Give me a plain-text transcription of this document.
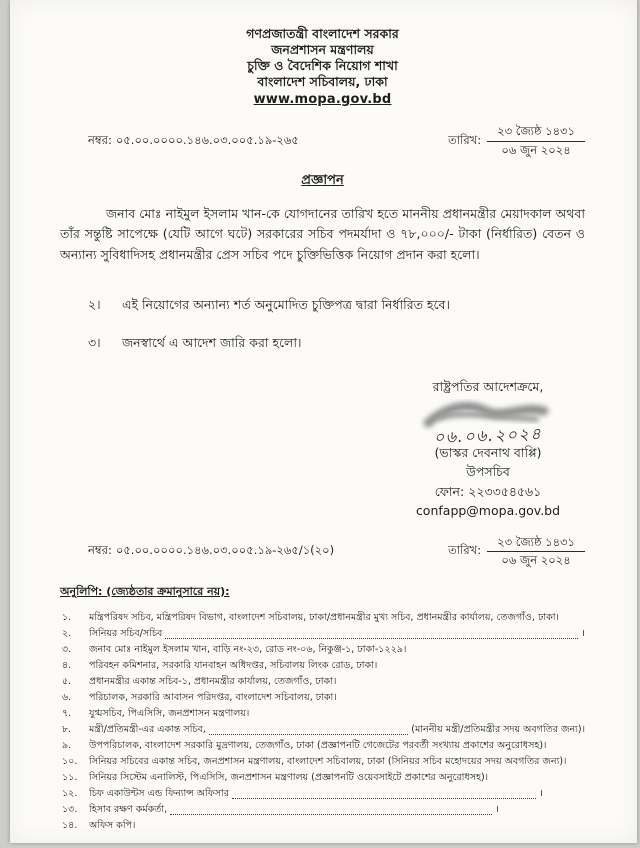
গণপ্রজাতন্ত্রী বাংলাদেশ সরকার
জনপ্রশাসন মন্ত্রণালয়
চুক্তি ও বৈদেশিক নিয়োগ শাখা
বাংলাদেশ সচিবালয়, ঢাকা
www.mopa.gov.bd
নম্বর: ০৫.০০.০০০০.১৪৬.০৩.০০৫.১৯-২৬৫	তারিখ: $\frac{\text{২৩ জ্যৈষ্ঠ ১৪৩১}}{\text{০৬ জুন ২০২৪}}$
প্রজ্ঞাপন

জনাব মোঃ নাইমুল ইসলাম খান-কে যোগদানের তারিখ হতে মাননীয় প্রধানমন্ত্রীর মেয়াদকাল অথবা তাঁর সন্তুষ্টি সাপেক্ষে (যেটি আগে ঘটে) সরকারের সচিব পদমর্যাদা ও ৭৮,০০০/- টাকা (নির্ধারিত) বেতন ও অন্যান্য সুবিধাদিসহ প্রধানমন্ত্রীর প্রেস সচিব পদে চুক্তিভিত্তিক নিয়োগ প্রদান করা হলো।

২।	এই নিয়োগের অন্যান্য শর্ত অনুমোদিত চুক্তিপত্র দ্বারা নির্ধারিত হবে।
৩।	জনস্বার্থে এ আদেশ জারি করা হলো।
রাষ্ট্রপতির আদেশক্রমে,
০৬.০৬.২০২৪
(ভাস্কর দেবনাথ বাপ্পি)
উপসচিব
ফোন: ২২৩৩৫৪৫৬১
confapp@mopa.gov.bd
নম্বর: ০৫.০০.০০০০.১৪৬.০৩.০০৫.১৯-২৬৫/১(২০)	তারিখ: $\frac{\text{২৩ জ্যৈষ্ঠ ১৪৩১}}{\text{০৬ জুন ২০২৪}}$
অনুলিপি: (জ্যেষ্ঠতার ক্রমানুসারে নয়):
১.	মন্ত্রিপরিষদ সচিব, মন্ত্রিপরিষদ বিভাগ, বাংলাদেশ সচিবালয়, ঢাকা/প্রধানমন্ত্রীর মুখ্য সচিব, প্রধানমন্ত্রীর কার্যালয়, তেজগাঁও, ঢাকা।
২.	সিনিয়র সচিব/সচিব	।
৩.	জনাব মোঃ নাইমুল ইসলাম খান, বাড়ি নং-২৩, রোড নং-০৬, নিকুঞ্জ-১, ঢাকা-১২২৯।
৪.	পরিবহন কমিশনার, সরকারি যানবাহন অধিদপ্তর, সচিবালয় লিংক রোড, ঢাকা।
৫.	প্রধানমন্ত্রীর একান্ত সচিব-১, প্রধানমন্ত্রীর কার্যালয়, তেজগাঁও, ঢাকা।
৬.	পরিচালক, সরকারি আবাসন পরিদপ্তর, বাংলাদেশ সচিবালয়, ঢাকা।
৭.	যুগ্মসচিব, পিএসিসি, জনপ্রশাসন মন্ত্রণালয়।
৮.	মন্ত্রী/প্রতিমন্ত্রী-এর একান্ত সচিব,	(মাননীয় মন্ত্রী/প্রতিমন্ত্রীর সদয় অবগতির জন্য)।
৯.	উপপরিচালক, বাংলাদেশ সরকারি মুদ্রণালয়, তেজগাঁও, ঢাকা (প্রজ্ঞাপনটি গেজেটের পরবর্তী সংখ্যায় প্রকাশের অনুরোধসহ)।
১০.	সিনিয়র সচিবের একান্ত সচিব, জনপ্রশাসন মন্ত্রণালয়, বাংলাদেশ সচিবালয়, ঢাকা (সিনিয়র সচিব মহোদয়ের সদয় অবগতির জন্য)।
১১.	সিনিয়র সিস্টেম এনালিস্ট, পিএসিসি, জনপ্রশাসন মন্ত্রণালয় (প্রজ্ঞাপনটি ওয়েবসাইটে প্রকাশের অনুরোধসহ)।
১২.	চিফ একাউন্টস এন্ড ফিন্যান্স অফিসার	।
১৩.	হিসাব রক্ষণ কর্মকর্তা,	।
১৪.	অফিস কপি।
